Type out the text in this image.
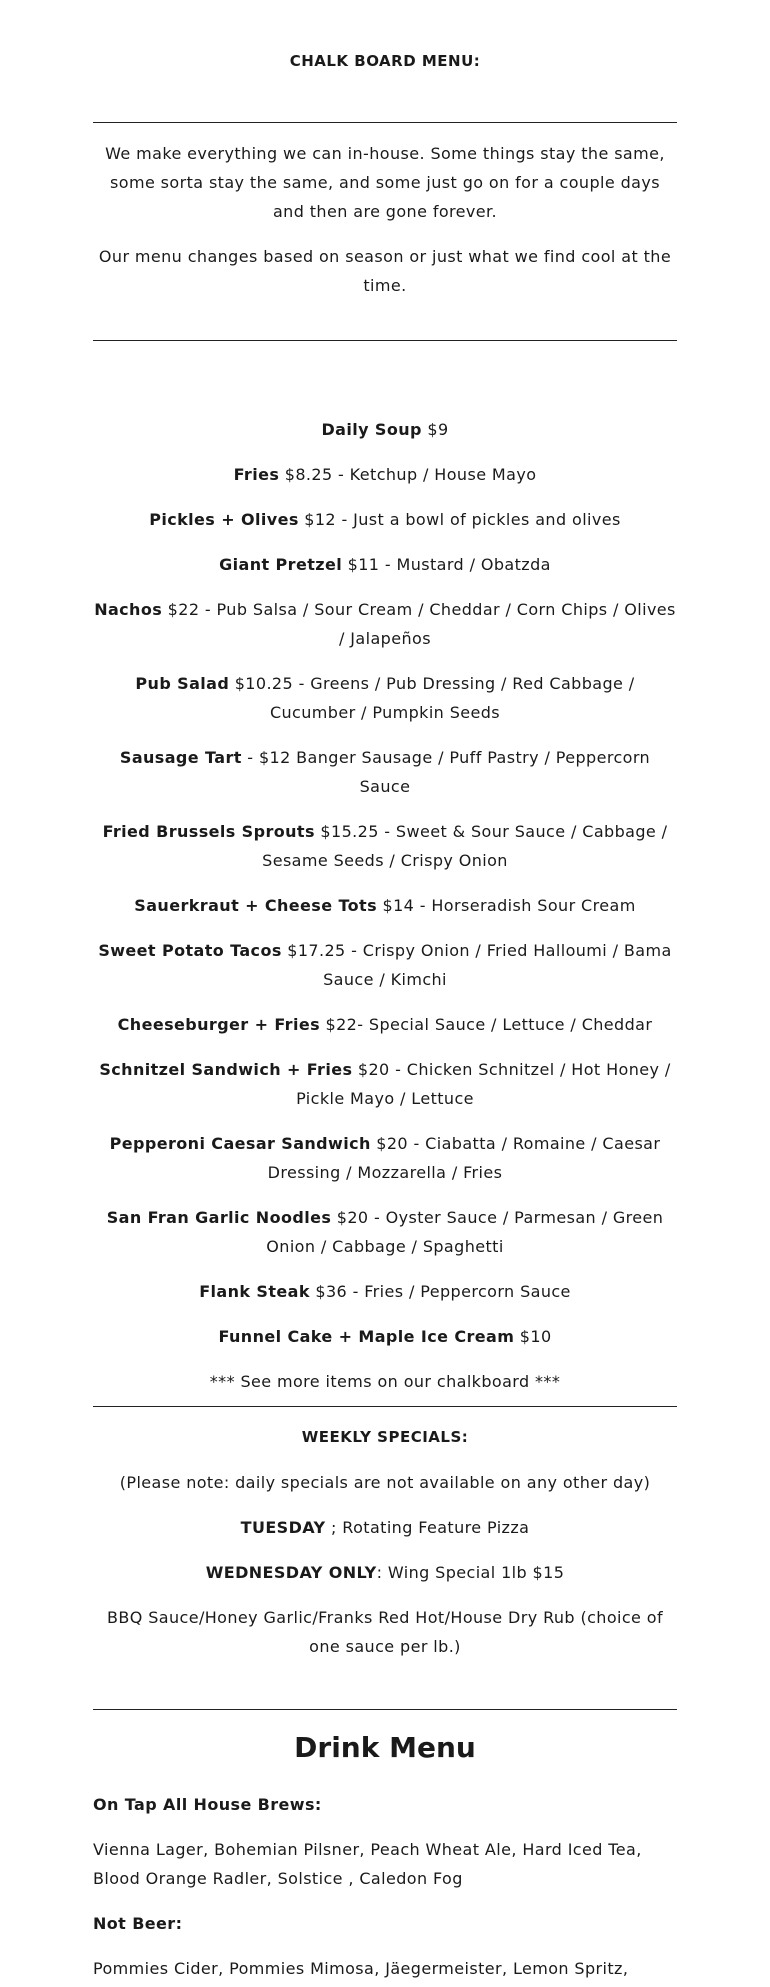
CHALK BOARD MENU:

We make everything we can in-house. Some things stay the same, some sorta stay the same, and some just go on for a couple days and then are gone forever.

Our menu changes based on season or just what we find cool at the time.

Daily Soup $9

Fries $8.25 - Ketchup / House Mayo

Pickles + Olives $12 - Just a bowl of pickles and olives

Giant Pretzel $11 - Mustard / Obatzda

Nachos $22 - Pub Salsa / Sour Cream / Cheddar / Corn Chips / Olives / Jalapeños

Pub Salad $10.25 - Greens / Pub Dressing / Red Cabbage / Cucumber / Pumpkin Seeds

Sausage Tart - $12 Banger Sausage / Puff Pastry / Peppercorn Sauce

Fried Brussels Sprouts $15.25 - Sweet & Sour Sauce / Cabbage / Sesame Seeds / Crispy Onion

Sauerkraut + Cheese Tots $14 - Horseradish Sour Cream

Sweet Potato Tacos $17.25 - Crispy Onion / Fried Halloumi / Bama Sauce / Kimchi

Cheeseburger + Fries $22- Special Sauce / Lettuce / Cheddar

Schnitzel Sandwich + Fries $20 - Chicken Schnitzel / Hot Honey / Pickle Mayo / Lettuce

Pepperoni Caesar Sandwich $20 - Ciabatta / Romaine / Caesar Dressing / Mozzarella / Fries

San Fran Garlic Noodles $20 - Oyster Sauce / Parmesan / Green Onion / Cabbage / Spaghetti

Flank Steak $36 - Fries / Peppercorn Sauce

Funnel Cake + Maple Ice Cream $10

*** See more items on our chalkboard ***

WEEKLY SPECIALS:

(Please note: daily specials are not available on any other day)

TUESDAY ; Rotating Feature Pizza

WEDNESDAY ONLY: Wing Special 1lb $15

BBQ Sauce/Honey Garlic/Franks Red Hot/House Dry Rub (choice of one sauce per lb.)

Drink Menu

On Tap All House Brews:

Vienna Lager, Bohemian Pilsner, Peach Wheat Ale, Hard Iced Tea, Blood Orange Radler, Solstice , Caledon Fog

Not Beer:

Pommies Cider, Pommies Mimosa, Jäegermeister, Lemon Spritz,
